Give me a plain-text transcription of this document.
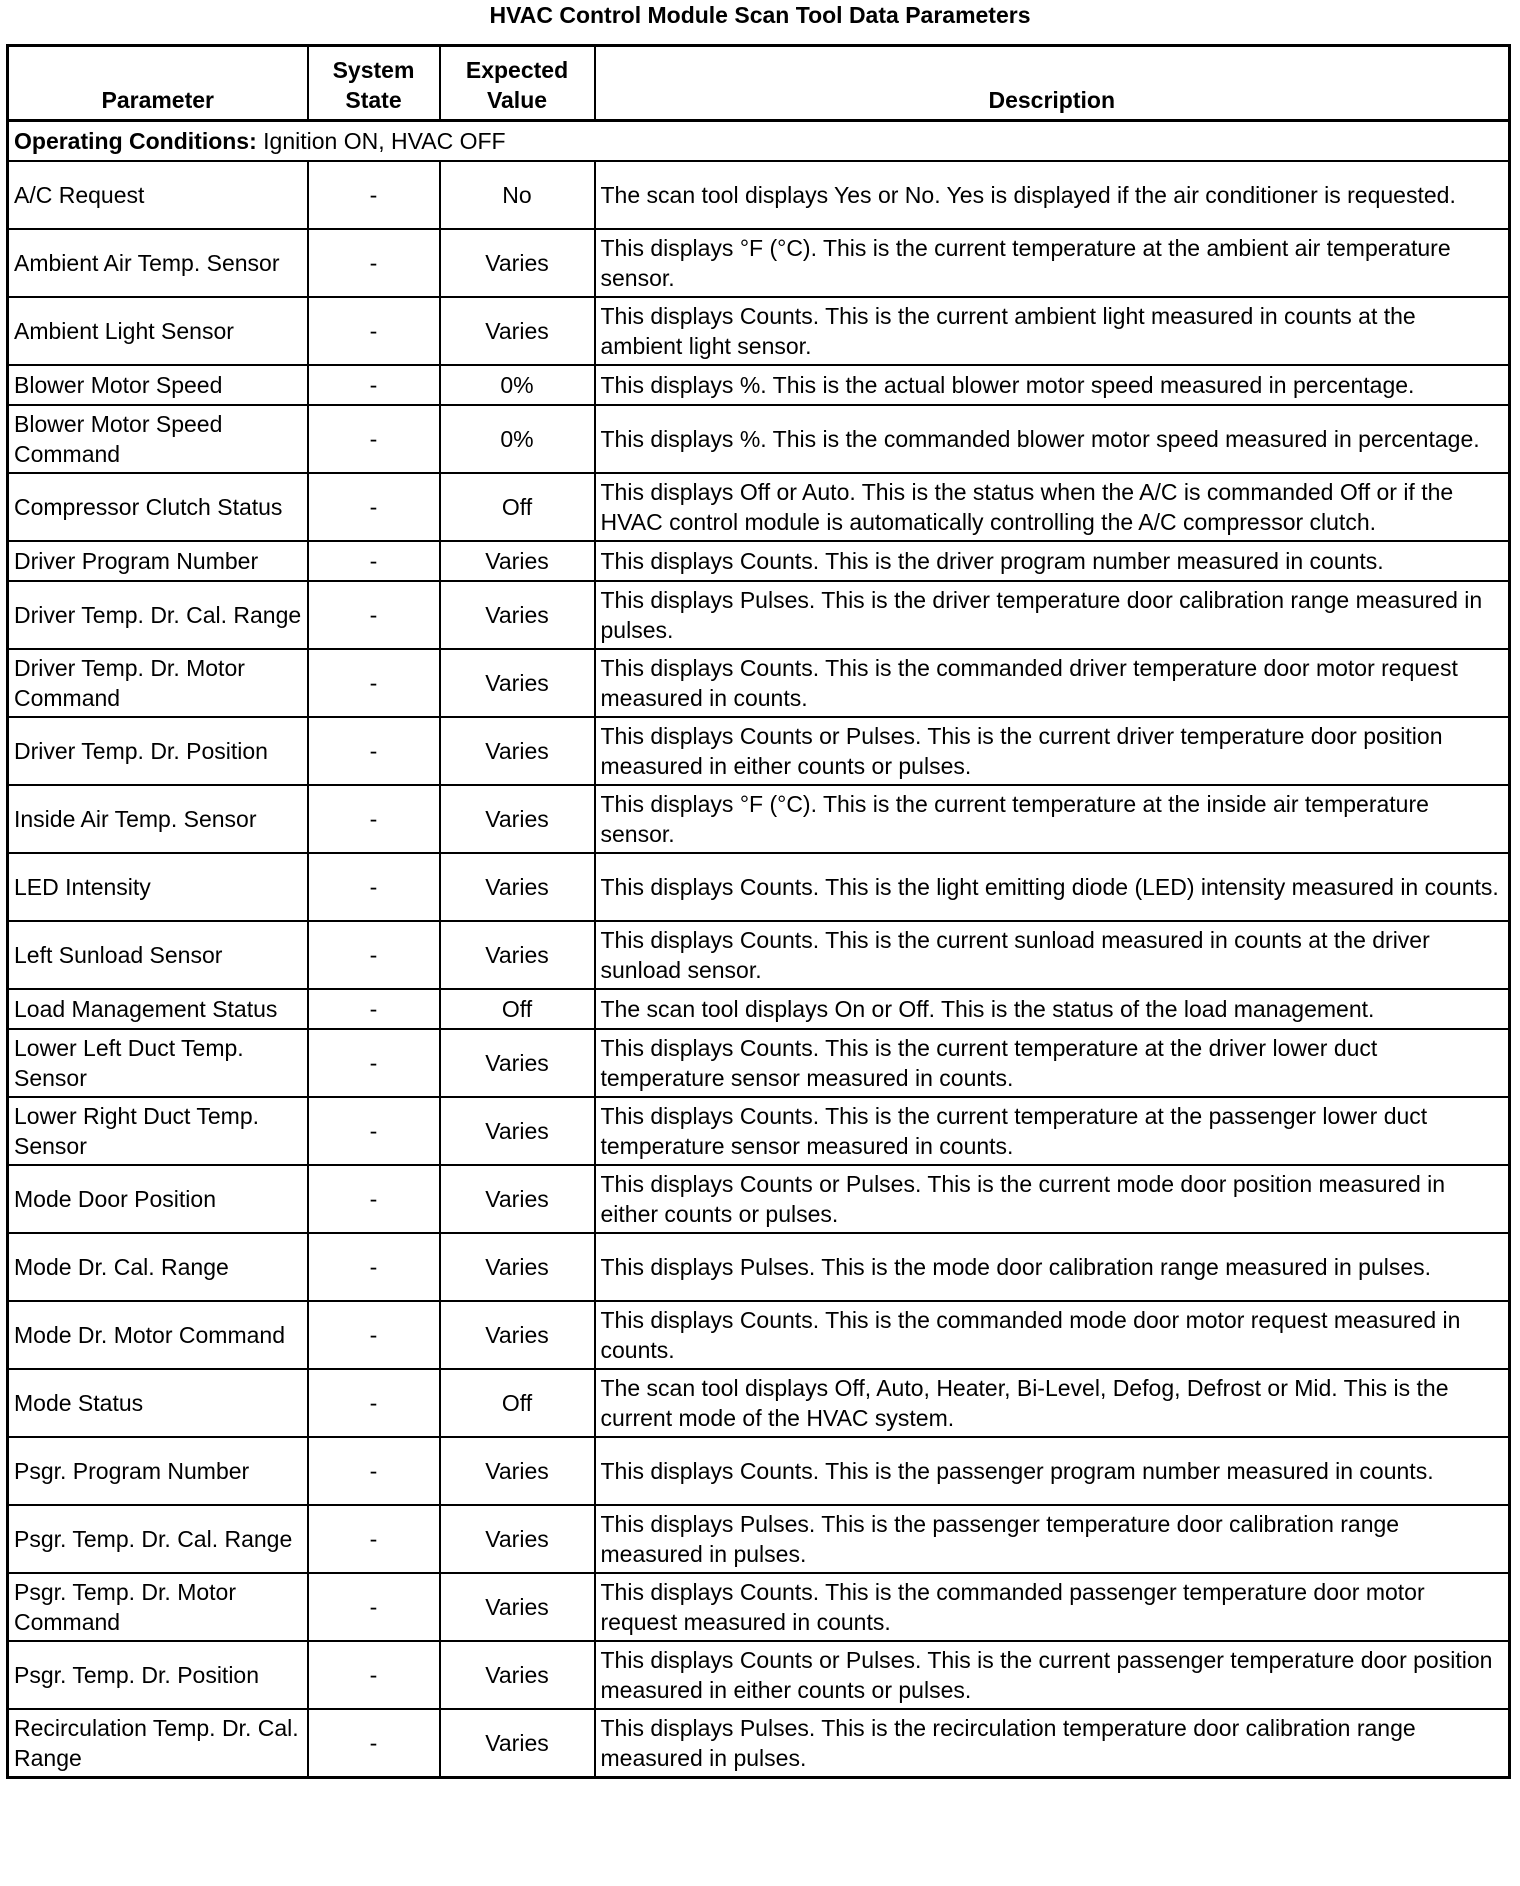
HVAC Control Module Scan Tool Data Parameters
Parameter	System State	Expected Value	Description
Operating Conditions: Ignition ON, HVAC OFF			
A/C Request	-	No	The scan tool displays Yes or No. Yes is displayed if the air conditioner is requested.
Ambient Air Temp. Sensor	-	Varies	This displays °F (°C). This is the current temperature at the ambient air temperature sensor.
Ambient Light Sensor	-	Varies	This displays Counts. This is the current ambient light measured in counts at the ambient light sensor.
Blower Motor Speed	-	0%	This displays %. This is the actual blower motor speed measured in percentage.
Blower Motor Speed Command	-	0%	This displays %. This is the commanded blower motor speed measured in percentage.
Compressor Clutch Status	-	Off	This displays Off or Auto. This is the status when the A/C is commanded Off or if the HVAC control module is automatically controlling the A/C compressor clutch.
Driver Program Number	-	Varies	This displays Counts. This is the driver program number measured in counts.
Driver Temp. Dr. Cal. Range	-	Varies	This displays Pulses. This is the driver temperature door calibration range measured in pulses.
Driver Temp. Dr. Motor Command	-	Varies	This displays Counts. This is the commanded driver temperature door motor request measured in counts.
Driver Temp. Dr. Position	-	Varies	This displays Counts or Pulses. This is the current driver temperature door position measured in either counts or pulses.
Inside Air Temp. Sensor	-	Varies	This displays °F (°C). This is the current temperature at the inside air temperature sensor.
LED Intensity	-	Varies	This displays Counts. This is the light emitting diode (LED) intensity measured in counts.
Left Sunload Sensor	-	Varies	This displays Counts. This is the current sunload measured in counts at the driver sunload sensor.
Load Management Status	-	Off	The scan tool displays On or Off. This is the status of the load management.
Lower Left Duct Temp. Sensor	-	Varies	This displays Counts. This is the current temperature at the driver lower duct temperature sensor measured in counts.
Lower Right Duct Temp. Sensor	-	Varies	This displays Counts. This is the current temperature at the passenger lower duct temperature sensor measured in counts.
Mode Door Position	-	Varies	This displays Counts or Pulses. This is the current mode door position measured in either counts or pulses.
Mode Dr. Cal. Range	-	Varies	This displays Pulses. This is the mode door calibration range measured in pulses.
Mode Dr. Motor Command	-	Varies	This displays Counts. This is the commanded mode door motor request measured in counts.
Mode Status	-	Off	The scan tool displays Off, Auto, Heater, Bi-Level, Defog, Defrost or Mid. This is the current mode of the HVAC system.
Psgr. Program Number	-	Varies	This displays Counts. This is the passenger program number measured in counts.
Psgr. Temp. Dr. Cal. Range	-	Varies	This displays Pulses. This is the passenger temperature door calibration range measured in pulses.
Psgr. Temp. Dr. Motor Command	-	Varies	This displays Counts. This is the commanded passenger temperature door motor request measured in counts.
Psgr. Temp. Dr. Position	-	Varies	This displays Counts or Pulses. This is the current passenger temperature door position measured in either counts or pulses.
Recirculation Temp. Dr. Cal. Range	-	Varies	This displays Pulses. This is the recirculation temperature door calibration range measured in pulses.
